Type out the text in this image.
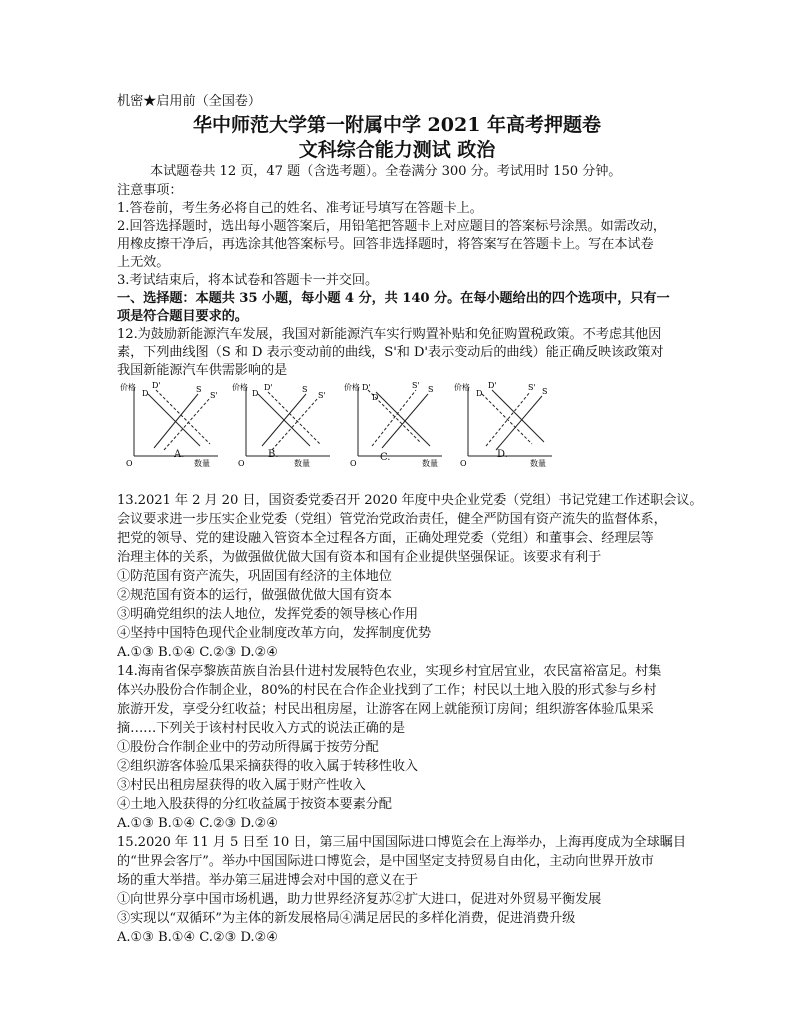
机密★启用前（全国卷）
华中师范大学第一附属中学 2021 年高考押题卷
文科综合能力测试 政治
本试题卷共 12 页，47 题（含选考题）。全卷满分 300 分。考试用时 150 分钟。
注意事项：
1.答卷前，考生务必将自己的姓名、准考证号填写在答题卡上。
2.回答选择题时，选出每小题答案后，用铅笔把答题卡上对应题目的答案标号涂黑。如需改动，
用橡皮擦干净后，再选涂其他答案标号。回答非选择题时，将答案写在答题卡上。写在本试卷
上无效。
3.考试结束后，将本试卷和答题卡一并交回。
一、选择题：本题共 35 小题，每小题 4 分，共 140 分。在每小题给出的四个选项中，只有一
项是符合题目要求的。
12.为鼓励新能源汽车发展，我国对新能源汽车实行购置补贴和免征购置税政策。不考虑其他因
素，下列曲线图（S 和 D 表示变动前的曲线，S'和 D'表示变动后的曲线）能正确反映该政策对
我国新能源汽车供需影响的是
价格
O	数量
D
D'	S
S'
A.
价格
O	数量
D
D'	S
S'
B.
价格
O	数量
D'
D
S' S
C.
价格
O	数量
D
D'	S' S
D.
13.2021 年 2 月 20 日，国资委党委召开 2020 年度中央企业党委（党组）书记党建工作述职会议。
会议要求进一步压实企业党委（党组）管党治党政治责任，健全严防国有资产流失的监督体系，
把党的领导、党的建设融入管资本全过程各方面，正确处理党委（党组）和董事会、经理层等
治理主体的关系，为做强做优做大国有资本和国有企业提供坚强保证。该要求有利于
①防范国有资产流失，巩固国有经济的主体地位
②规范国有资本的运行，做强做优做大国有资本
③明确党组织的法人地位，发挥党委的领导核心作用
④坚持中国特色现代企业制度改革方向，发挥制度优势
A.①③ B.①④ C.②③ D.②④
14.海南省保亭黎族苗族自治县什进村发展特色农业，实现乡村宜居宜业，农民富裕富足。村集
体兴办股份合作制企业，80%的村民在合作企业找到了工作；村民以土地入股的形式参与乡村
旅游开发，享受分红收益；村民出租房屋，让游客在网上就能预订房间；组织游客体验瓜果采
摘……下列关于该村村民收入方式的说法正确的是
①股份合作制企业中的劳动所得属于按劳分配
②组织游客体验瓜果采摘获得的收入属于转移性收入
③村民出租房屋获得的收入属于财产性收入
④土地入股获得的分红收益属于按资本要素分配
A.①③ B.①④ C.②③ D.②④
15.2020 年 11 月 5 日至 10 日，第三届中国国际进口博览会在上海举办，上海再度成为全球瞩目
的“世界会客厅”。举办中国国际进口博览会，是中国坚定支持贸易自由化，主动向世界开放市
场的重大举措。举办第三届进博会对中国的意义在于
①向世界分享中国市场机遇，助力世界经济复苏②扩大进口，促进对外贸易平衡发展
③实现以“双循环”为主体的新发展格局④满足居民的多样化消费，促进消费升级
A.①③ B.①④ C.②③ D.②④
